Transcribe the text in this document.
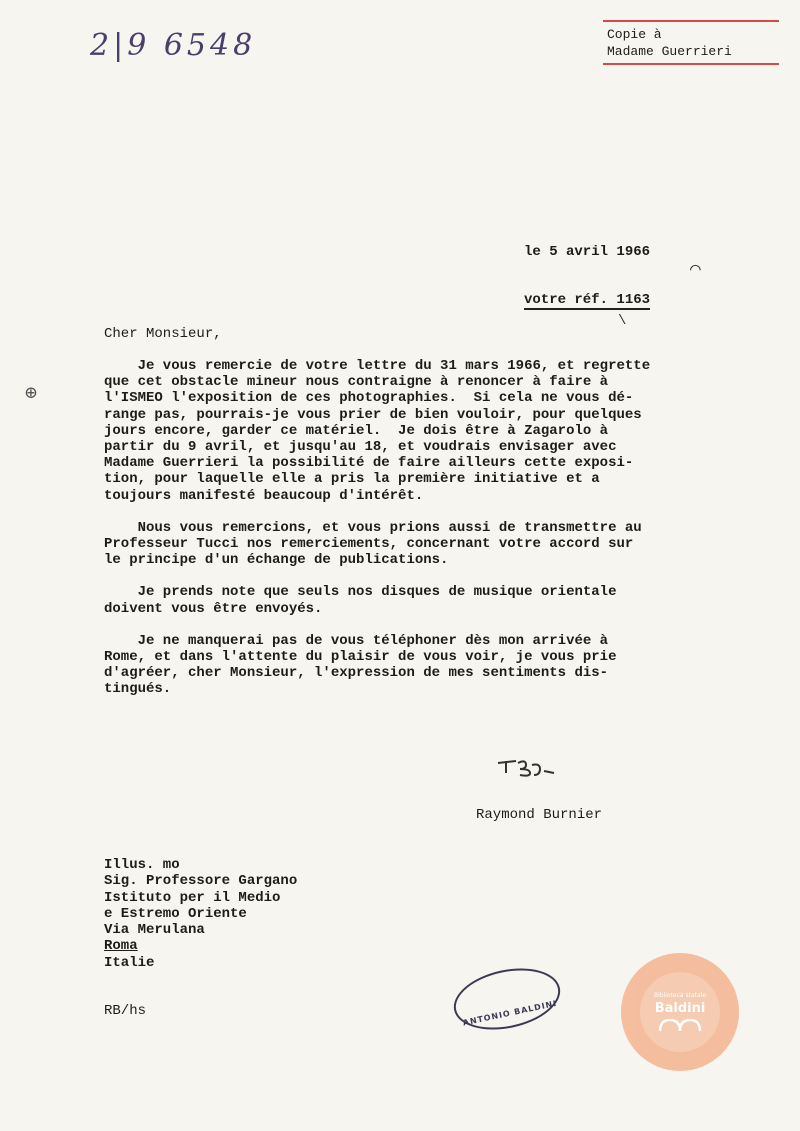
2|9 6548	Copie à
Madame Guerrieri
le 5 avril 1966
⌒
votre réf. 1163
\
Cher Monsieur,
⊕

Je vous remercie de votre lettre du 31 mars 1966, et regrette
que cet obstacle mineur nous contraigne à renoncer à faire à
l'ISMEO l'exposition de ces photographies.  Si cela ne vous dé-
range pas, pourrais-je vous prier de bien vouloir, pour quelques
jours encore, garder ce matériel.  Je dois être à Zagarolo à
partir du 9 avril, et jusqu'au 18, et voudrais envisager avec
Madame Guerrieri la possibilité de faire ailleurs cette exposi-
tion, pour laquelle elle a pris la première initiative et a
toujours manifesté beaucoup d'intérêt.

Nous vous remercions, et vous prions aussi de transmettre au
Professeur Tucci nos remerciements, concernant votre accord sur
le principe d'un échange de publications.

Je prends note que seuls nos disques de musique orientale
doivent vous être envoyés.

Je ne manquerai pas de vous téléphoner dès mon arrivée à
Rome, et dans l'attente du plaisir de vous voir, je vous prie
d'agréer, cher Monsieur, l'expression de mes sentiments dis-
tingués.

Raymond Burnier
Illus. mo
Sig. Professore Gargano
Istituto per il Medio
e Estremo Oriente
Via Merulana
Roma
Italie
RB/hs	ANTONIO BALDINI
Biblioteca statale
Baldini
